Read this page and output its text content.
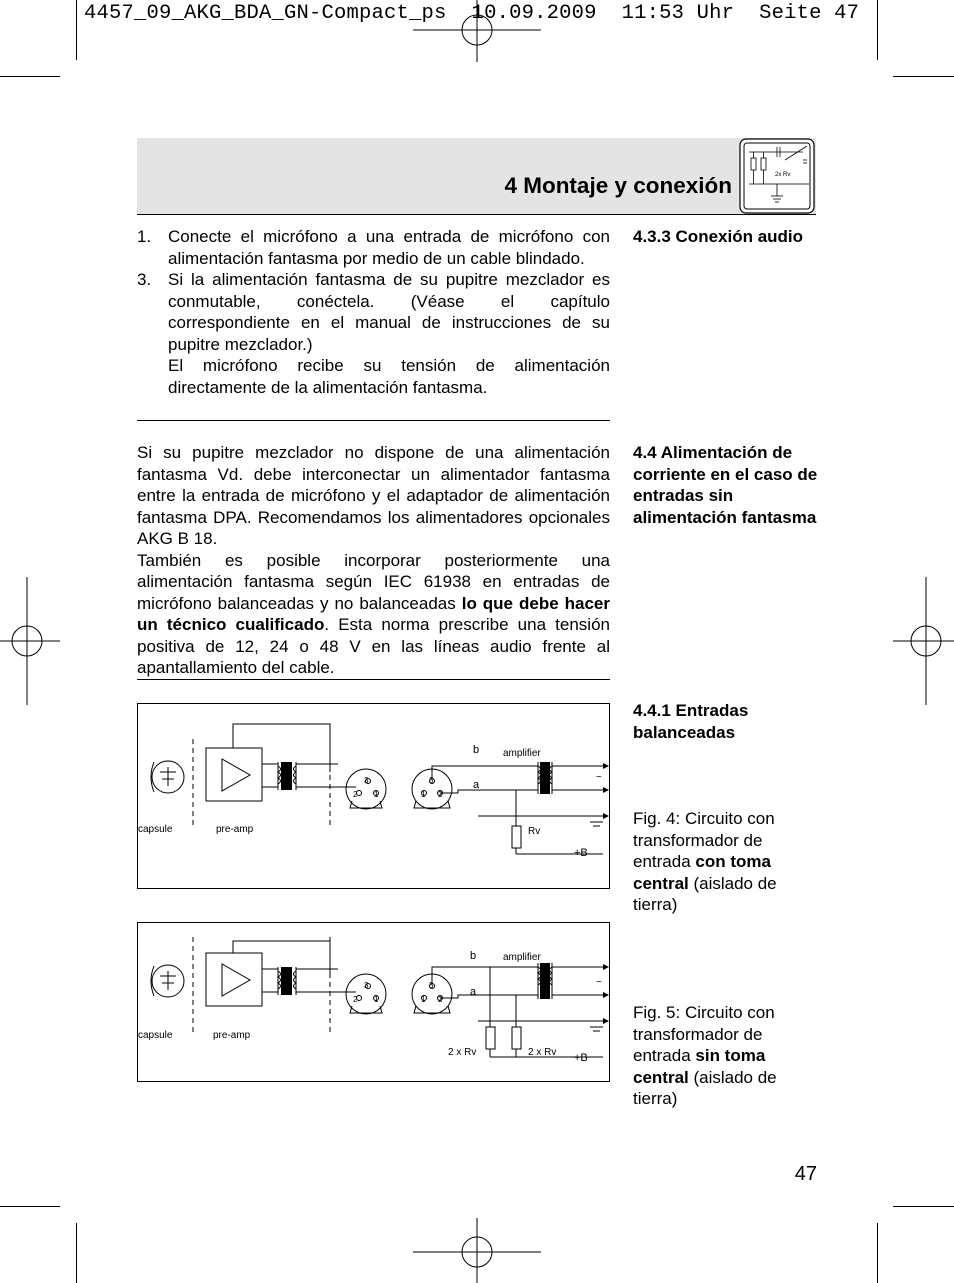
4457_09_AKG_BDA_GN-Compact_ps  10.09.2009  11:53 Uhr  Seite 47
4 Montaje y conexión	2x Rv
1. Conecte el micrófono a una entrada de micrófono con alimentación fantasma por medio de un cable blindado.
3. Si la alimentación fantasma de su pupitre mezclador es conmutable, conéctela. (Véase el capítulo correspondiente en el manual de instrucciones de su pupitre mezclador.)
El micrófono recibe su tensión de alimentación directamente de la alimentación fantasma.
4.3.3 Conexión audio
Si su pupitre mezclador no dispone de una alimentación fantasma Vd. debe interconectar un alimentador fantasma entre la entrada de micrófono y el adaptador de alimentación fantasma DPA. Recomendamos los alimentadores opcionales AKG B 18.
También es posible incorporar posteriormente una alimentación fantasma según IEC 61938 en entradas de micrófono balanceadas y no balanceadas lo que debe hacer un técnico cualificado. Esta norma prescribe una tensión positiva de 12, 24 o 48 V en las líneas audio frente al apantallamiento del cable.
4.4 Alimentación de corriente en el caso de entradas sin alimentación fantasma
4.4.1 Entradas balanceadas
capsule	pre-amp
amplifier
b
a
Rv
+B
~
3
2 1
3
1 2
Fig. 4: Circuito con transformador de entrada con toma central (aislado de tierra)
capsule	pre-amp
amplifier
b
a
2 x Rv	2 x Rv +B
~
3
2 1
3
1 2
Fig. 5: Circuito con transformador de entrada sin toma central (aislado de tierra)
47
